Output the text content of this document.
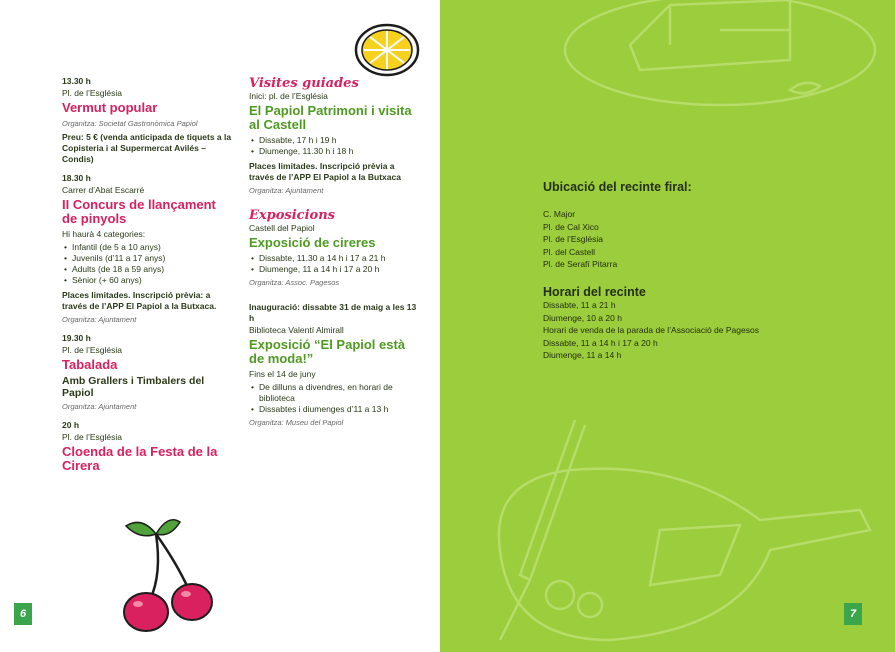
13.30 h

Pl. de l’Església

Vermut popular

Organitza: Societat Gastronòmica Papiol

Preu: 5 € (venda anticipada de tiquets a la Copisteria i al Supermercat Avilés – Condis)

18.30 h

Carrer d’Abat Escarré

II Concurs de llançament de pinyols

Hi haurà 4 categories:

• Infantil (de 5 a 10 anys)
• Juvenils (d’11 a 17 anys)
• Adults (de 18 a 59 anys)
• Sènior (+ 60 anys)

Places limitades. Inscripció prèvia: a través de l’APP El Papiol a la Butxaca.

Organitza: Ajuntament

19.30 h

Pl. de l’Església

Tabalada

Amb Grallers i Timbalers del Papiol

Organitza: Ajuntament

20 h

Pl. de l’Església

Cloenda de la Festa de la Cirera

Visites guiades

Inici: pl. de l’Església

El Papiol Patrimoni i visita al Castell

• Dissabte, 17 h i 19 h
• Diumenge, 11.30 h i 18 h

Places limitades. Inscripció prèvia a través de l’APP El Papiol a la Butxaca

Organitza: Ajuntament

Exposicions

Castell del Papiol

Exposició de cireres

• Dissabte, 11.30 a 14 h i 17 a 21 h
• Diumenge, 11 a 14 h i 17 a 20 h

Organitza: Assoc. Pagesos

Inauguració: dissabte 31 de maig a les 13 h

Biblioteca Valentí Almirall

Exposició “El Papiol està de moda!”

Fins el 14 de juny

• De dilluns a divendres, en horari de biblioteca
• Dissabtes i diumenges d’11 a 13 h

Organitza: Museu del Papiol

6	7
Ubicació del recinte firal:
C. Major
Pl. de Cal Xico
Pl. de l’Església
Pl. del Castell
Pl. de Serafí Pitarra
Horari del recinte
Dissabte, 11 a 21 h
Diumenge, 10 a 20 h
Horari de venda de la parada de l’Associació de Pagesos
Dissabte, 11 a 14 h i 17 a 20 h
Diumenge, 11 a 14 h
